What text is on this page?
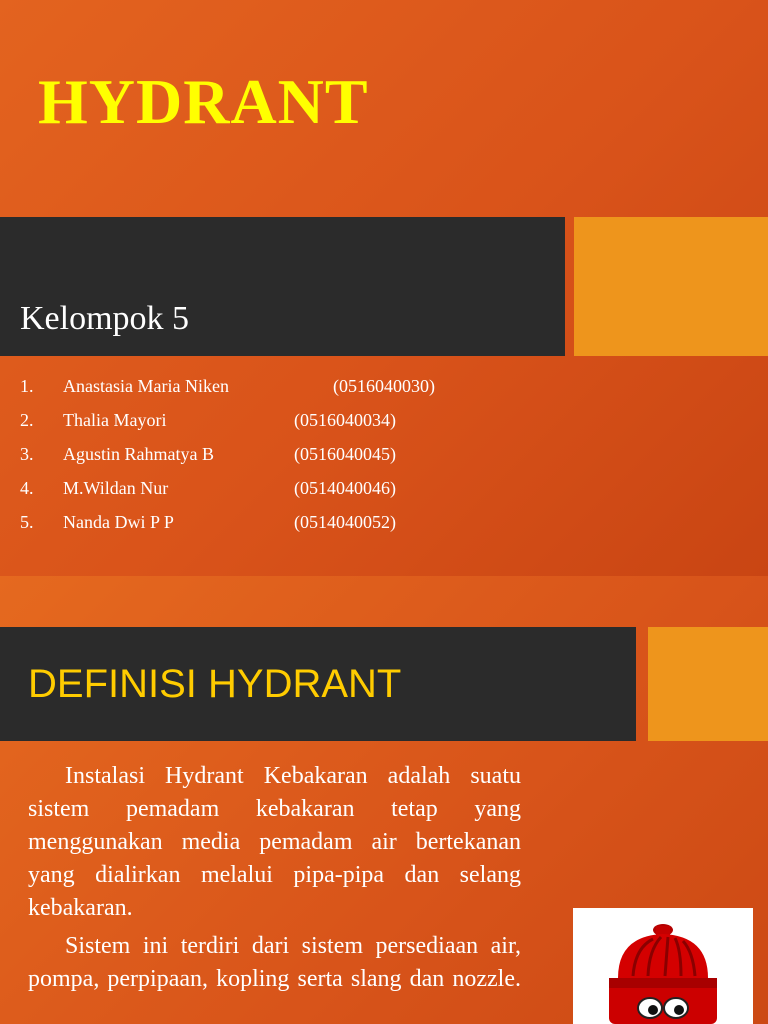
HYDRANT
Kelompok 5
1. Anastasia Maria Niken	(0516040030)
2. Thalia Mayori	(0516040034)
3. Agustin Rahmatya B	(0516040045)
4. M.Wildan Nur	(0514040046)
5. Nanda Dwi P P	(0514040052)
DEFINISI HYDRANT
Instalasi Hydrant Kebakaran adalah suatu sistem pemadam kebakaran tetap yang menggunakan media pemadam air bertekanan yang dialirkan melalui pipa-pipa dan selang kebakaran.
Sistem ini terdiri dari sistem persediaan air, pompa, perpipaan, kopling serta slang dan nozzle.
